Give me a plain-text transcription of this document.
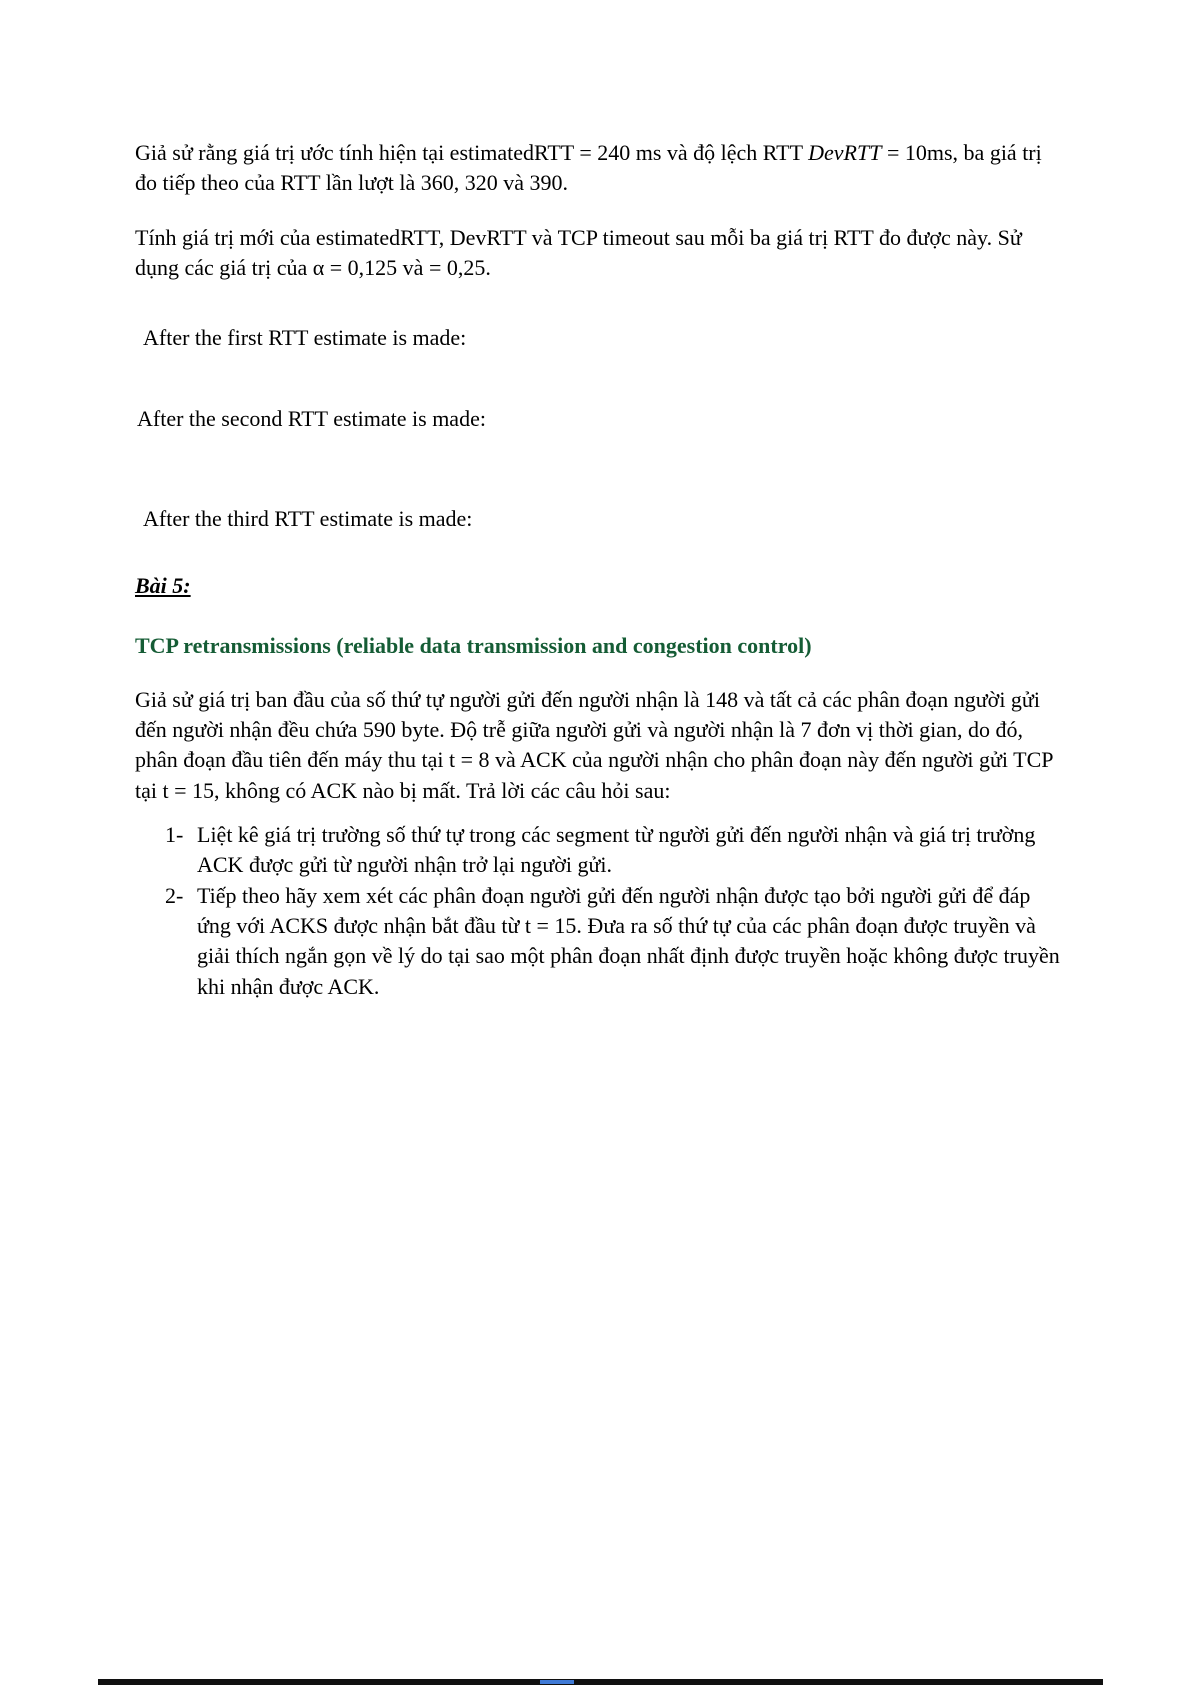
Giả sử rằng giá trị ước tính hiện tại estimatedRTT = 240 ms và độ lệch RTT DevRTT = 10ms, ba giá trị đo tiếp theo của RTT lần lượt là 360, 320 và 390.

Tính giá trị mới của estimatedRTT, DevRTT và TCP timeout sau mỗi ba giá trị RTT đo được này. Sử dụng các giá trị của α = 0,125 và = 0,25.

After the first RTT estimate is made:

After the second RTT estimate is made:

After the third RTT estimate is made:

Bài 5:

TCP retransmissions (reliable data transmission and congestion control)

Giả sử giá trị ban đầu của số thứ tự người gửi đến người nhận là 148 và tất cả các phân đoạn người gửi đến người nhận đều chứa 590 byte. Độ trễ giữa người gửi và người nhận là 7 đơn vị thời gian, do đó, phân đoạn đầu tiên đến máy thu tại t = 8 và ACK của người nhận cho phân đoạn này đến người gửi TCP tại t = 15, không có ACK nào bị mất. Trả lời các câu hỏi sau:

1- Liệt kê giá trị trường số thứ tự trong các segment từ người gửi đến người nhận và giá trị trường ACK được gửi từ người nhận trở lại người gửi.
2- Tiếp theo hãy xem xét các phân đoạn người gửi đến người nhận được tạo bởi người gửi để đáp ứng với ACKS được nhận bắt đầu từ t = 15. Đưa ra số thứ tự của các phân đoạn được truyền và giải thích ngắn gọn về lý do tại sao một phân đoạn nhất định được truyền hoặc không được truyền khi nhận được ACK.
